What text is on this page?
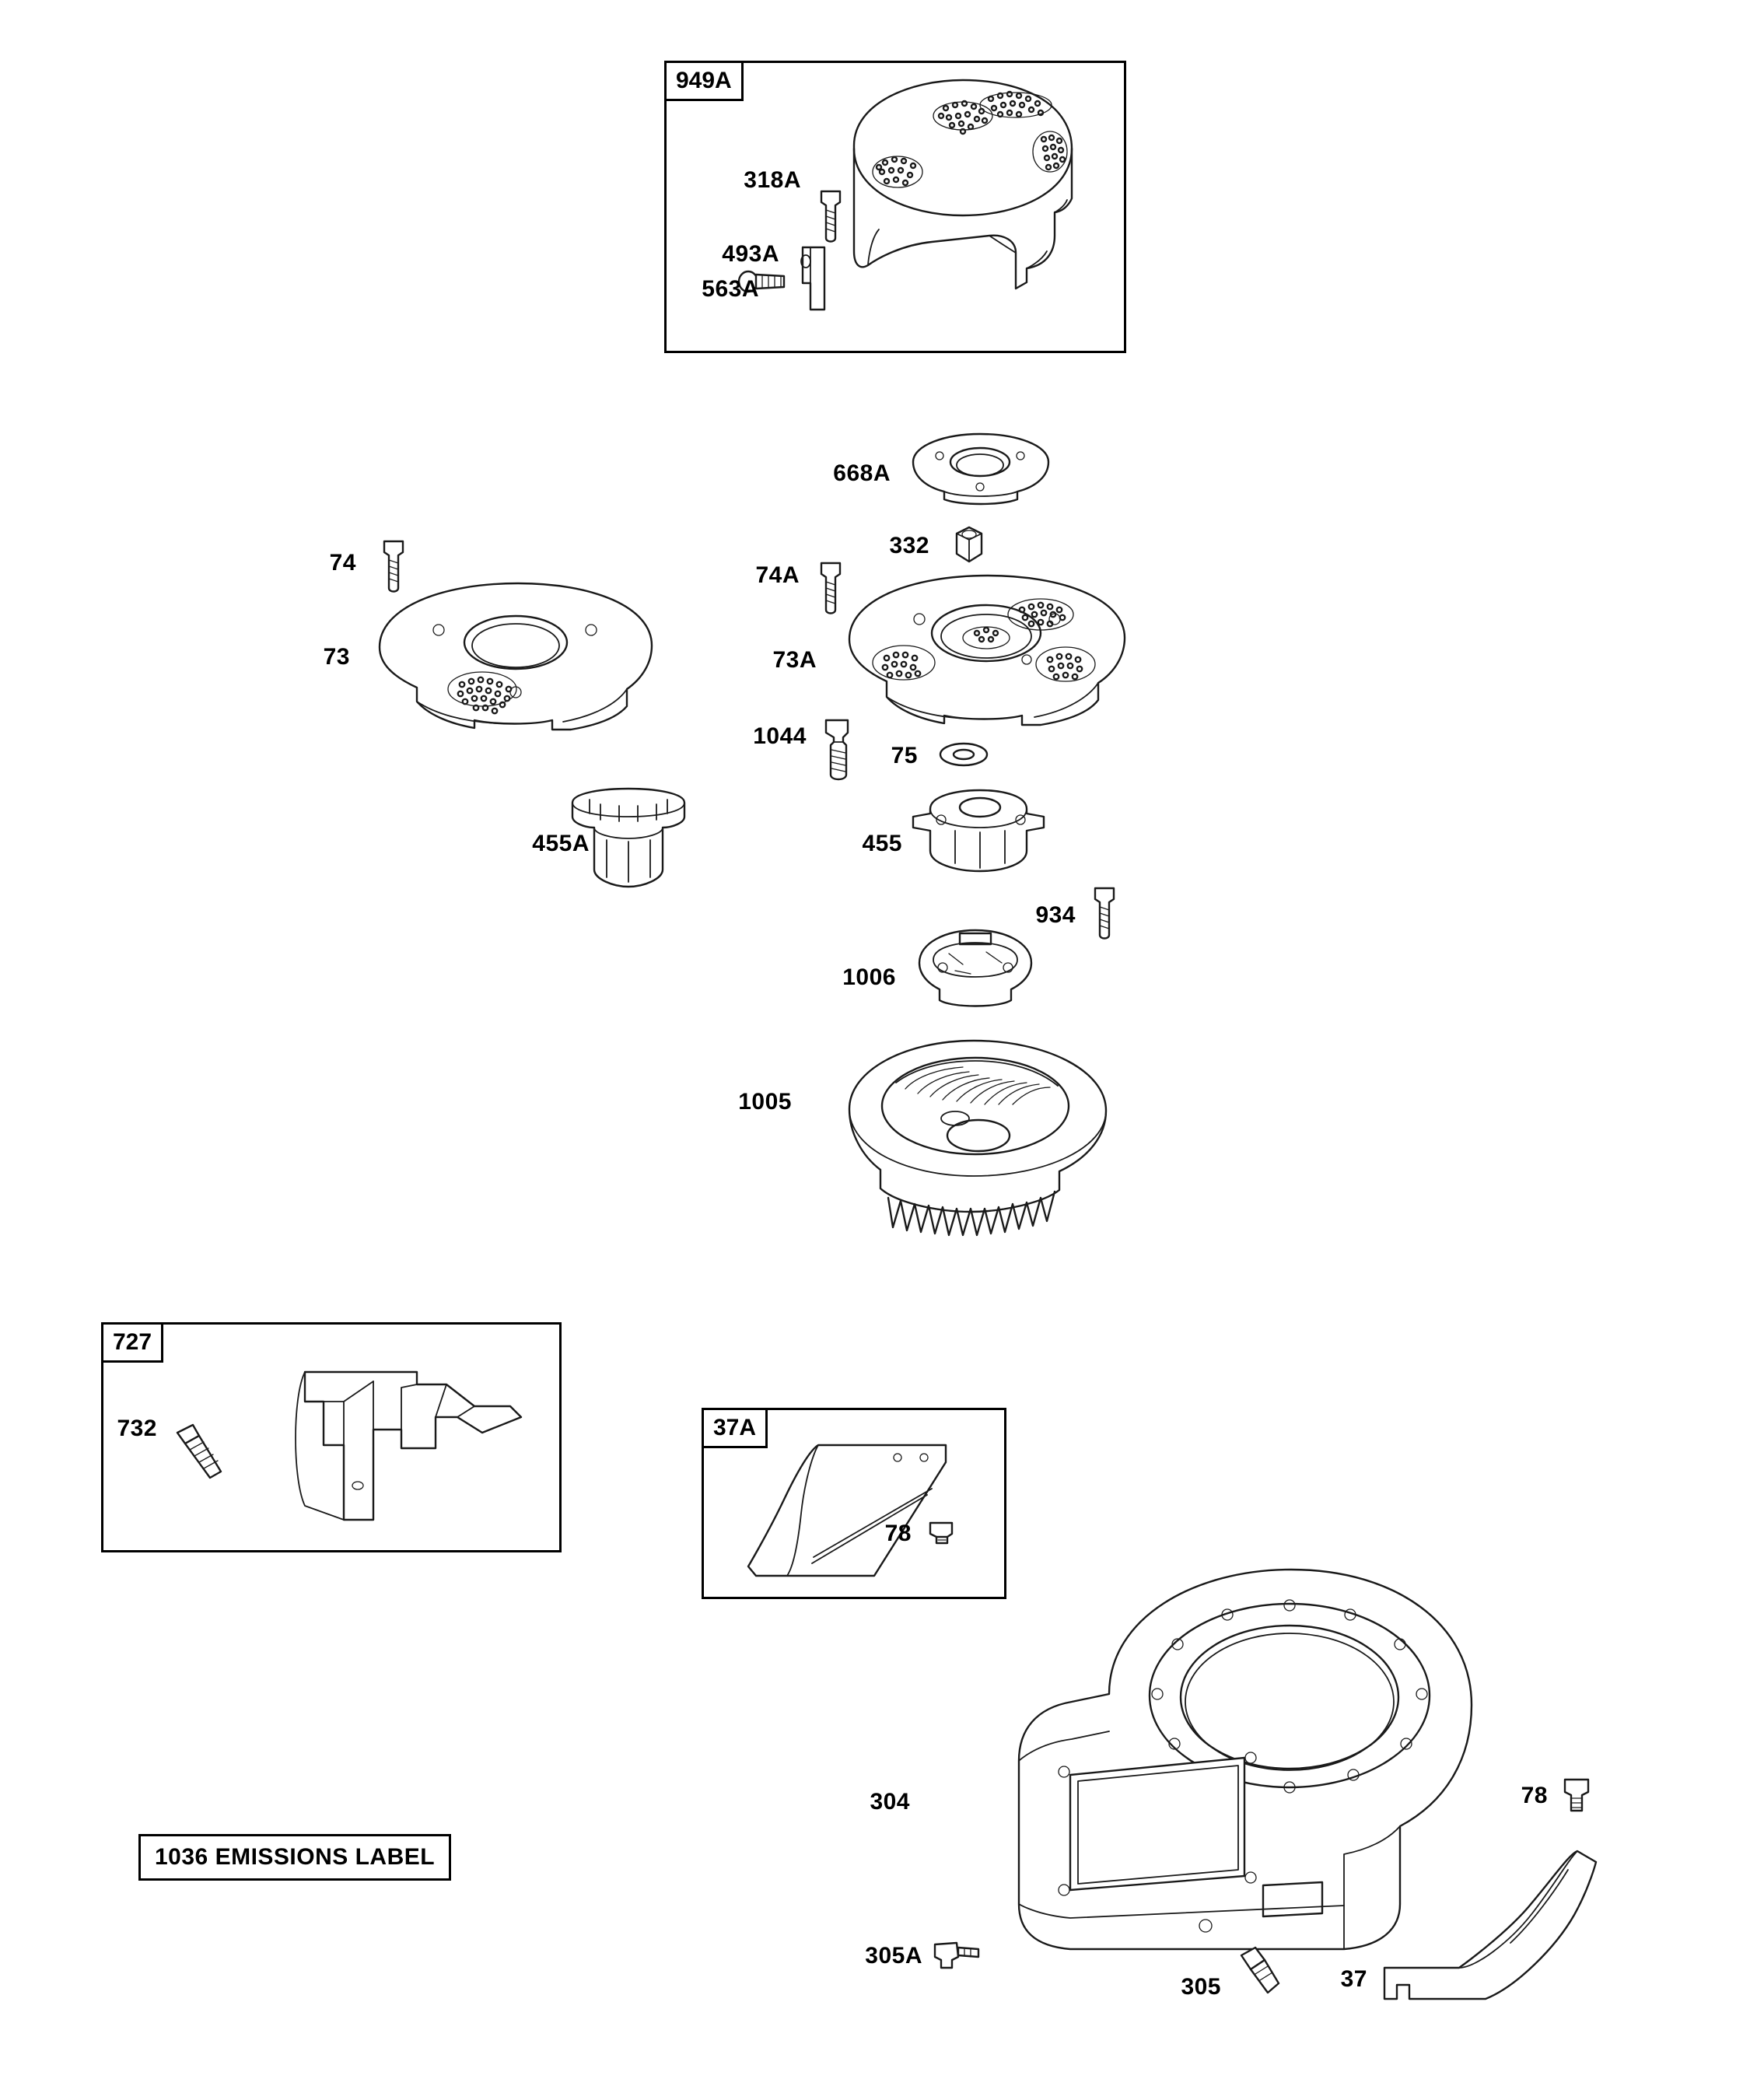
949A
318A
493A
563A
668A
332
74	74A
73	73A
1044
75
455A	455
934
1006
1005
727
732	37A
78
1036 EMISSIONS LABEL
304
305A
305
78
37
